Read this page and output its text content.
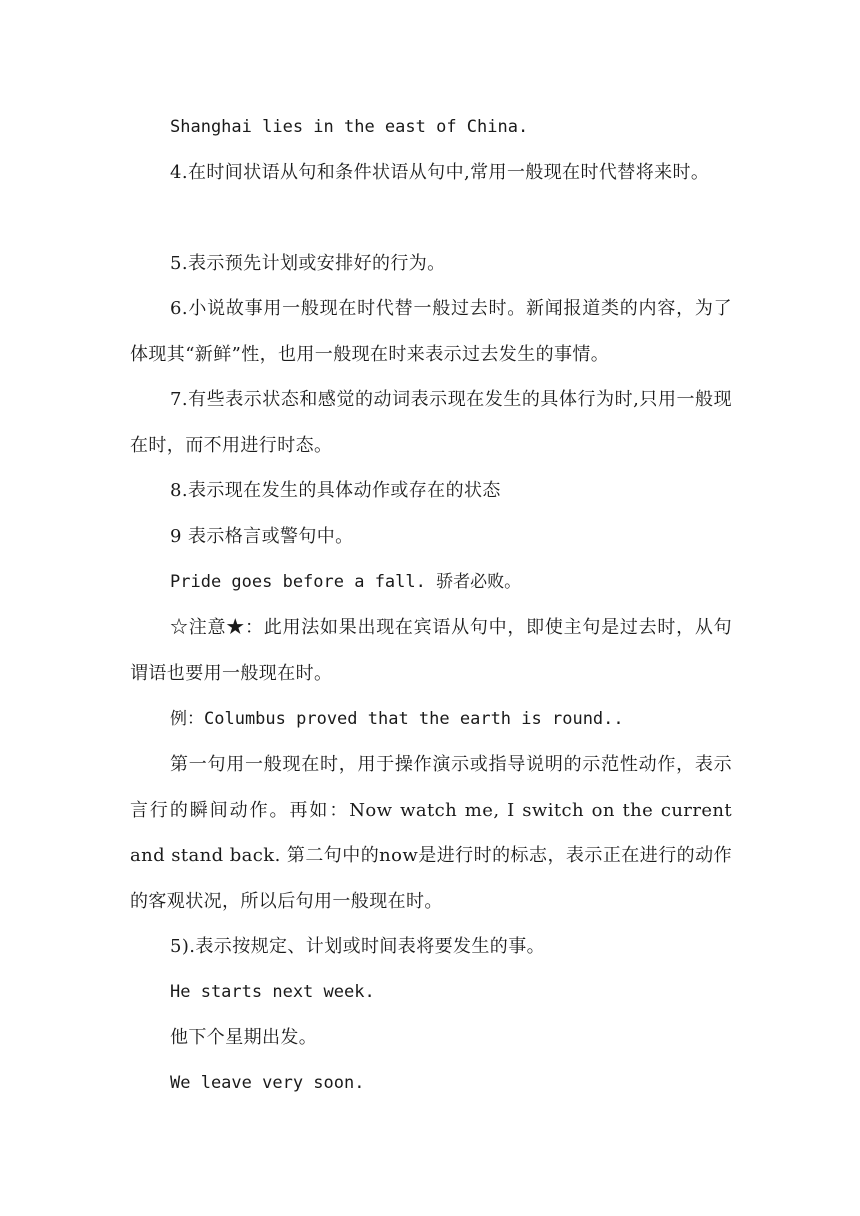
Shanghai lies in the east of China.
4.在时间状语从句和条件状语从句中,常用一般现在时代替将来时。
5.表示预先计划或安排好的行为。
6.小说故事用一般现在时代替一般过去时。新闻报道类的内容，为了体现其“新鲜”性，也用一般现在时来表示过去发生的事情。
7.有些表示状态和感觉的动词表示现在发生的具体行为时,只用一般现在时，而不用进行时态。
8.表示现在发生的具体动作或存在的状态
9 表示格言或警句中。
Pride goes before a fall. 骄者必败。
☆注意★：此用法如果出现在宾语从句中，即使主句是过去时，从句谓语也要用一般现在时。
例：Columbus proved that the earth is round..
第一句用一般现在时，用于操作演示或指导说明的示范性动作，表示言行的瞬间动作。再如：Now watch me, I switch on the current and stand back. 第二句中的now是进行时的标志，表示正在进行的动作的客观状况，所以后句用一般现在时。
5).表示按规定、计划或时间表将要发生的事。
He starts next week.
他下个星期出发。
We leave very soon.
